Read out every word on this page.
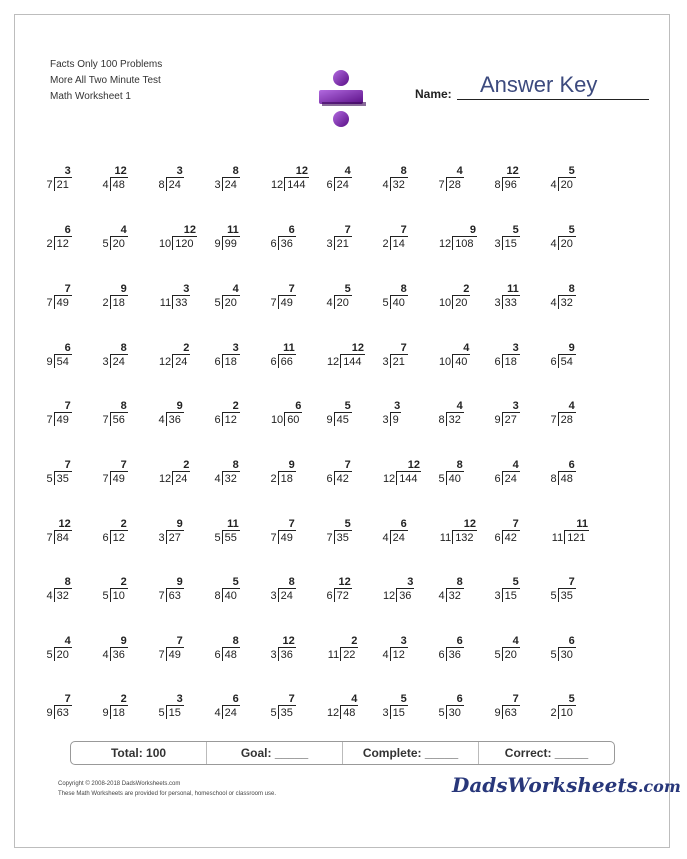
Facts Only 100 Problems
More All Two Minute Test
Math Worksheet 1	Name: Answer Key
3
7 21
12
4 48
3
8 24
8
3 24
12
12 144
4
6 24
8
4 32
4
7 28
12
8 96
5
4 20
6
2 12
4
5 20
12
10 120
11
9 99
6
6 36
7
3 21
7
2 14
9
12 108
5
3 15
5
4 20
7
7 49
9
2 18
3
11 33
4
5 20
7
7 49
5
4 20
8
5 40
2
10 20
11
3 33
8
4 32
6
9 54
8
3 24
2
12 24
3
6 18
11
6 66
12
12 144
7
3 21
4
10 40
3
6 18
9
6 54
7
7 49
8
7 56
9
4 36
2
6 12
6
10 60
5
9 45
3
3 9
4
8 32
3
9 27
4
7 28
7
5 35
7
7 49
2
12 24
8
4 32
9
2 18
7
6 42
12
12 144
8
5 40
4
6 24
6
8 48
12
7 84
2
6 12
9
3 27
11
5 55
7
7 49
5
7 35
6
4 24
12
11 132
7
6 42
11
11 121
8
4 32
2
5 10
9
7 63
5
8 40
8
3 24
12
6 72
3
12 36
8
4 32
5
3 15
7
5 35
4
5 20
9
4 36
7
7 49
8
6 48
12
3 36
2
11 22
3
4 12
6
6 36
4
5 20
6
5 30
7
9 63
2
9 18
3
5 15
6
4 24
7
5 35
4
12 48
5
3 15
6
5 30
7
9 63
5
2 10
Total: 100	Goal: _____	Complete: _____	Correct: _____
Copyright © 2008-2018 DadsWorksheets.com
These Math Worksheets are provided for personal, homeschool or classroom use.	DadsWorksheets.com
